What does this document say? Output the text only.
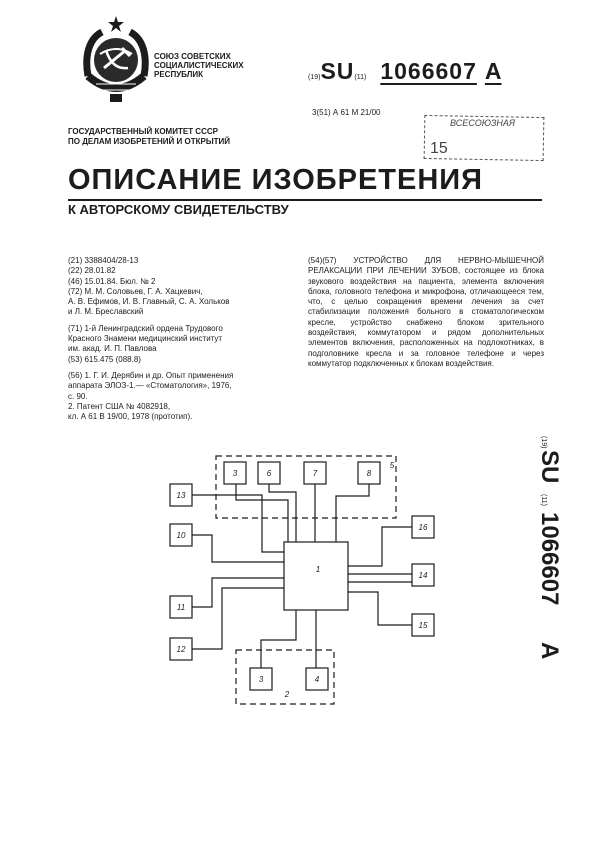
СОЮЗ СОВЕТСКИХ
СОЦИАЛИСТИЧЕСКИХ
РЕСПУБЛИК	(19)SU(11) 1066607 A
3(51) А 61 М 21/00
ВСЕСОЮЗНАЯ
15
ГОСУДАРСТВЕННЫЙ КОМИТЕТ СССР
ПО ДЕЛАМ ИЗОБРЕТЕНИЙ И ОТКРЫТИЙ
ОПИСАНИЕ ИЗОБРЕТЕНИЯ
К АВТОРСКОМУ СВИДЕТЕЛЬСТВУ
(21) 3388404/28-13
(22) 28.01.82
(46) 15.01.84. Бюл. № 2
(72) М. М. Соловьев, Г. А. Хацкевич,
А. В. Ефимов, И. В. Главный, С. А. Хольков
и Л. М. Бреславский
(71) 1-й Ленинградский ордена Трудового
Красного Знамени медицинский институт
им. акад. И. П. Павлова
(53) 615.475 (088.8)
(56) 1. Г. И. Дерябин и др. Опыт применения
аппарата ЭЛОЗ-1.— «Стоматология», 1976,
с. 90.
2. Патент США № 4082918,
кл. А 61 В 19/00, 1978 (прототип).
(54)(57) УСТРОЙСТВО ДЛЯ НЕРВНО-МЫШЕЧНОЙ РЕЛАКСАЦИИ ПРИ ЛЕЧЕНИИ ЗУБОВ, состоящее из блока звукового воздействия на пациента, элемента включения блока, головного телефона и микрофона, отличающееся тем, что, с целью сокращения времени лечения за счет стабилизации положения больного в стоматологическом кресле, устройство снабжено блоком зрительного воздействия, коммутатором и рядом дополнительных элементов включения, расположенных на подлокотниках, в подголовнике кресла и за головное телефоне и через коммутатор подключенных к блокам воздействия.
1
5
2
3	6	7	8
3	4
13
10
11
12
16
14
15
(19)
SU
(11)
1066607
A
